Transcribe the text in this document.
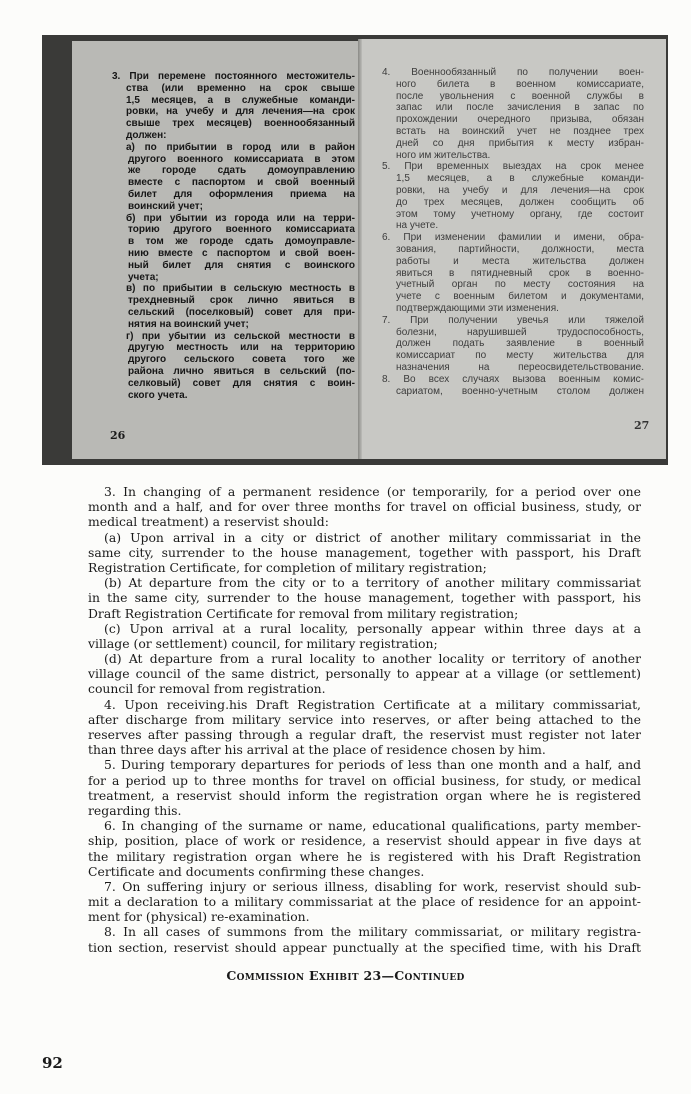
3. При перемене постоянного местожитель-
ства (или временно на срок свыше
1,5 месяцев, а в служебные команди-
ровки, на учебу и для лечения—на срок
свыше трех месяцев) военнообязанный
должен:
а) по прибытии в город или в район
другого военного комиссариата в этом
же городе сдать домоуправлению
вместе с паспортом и свой военный
билет для оформления приема на
воинский учет;
б) при убытии из города или на терри-
торию другого военного комиссариата
в том же городе сдать домоуправле-
нию вместе с паспортом и свой воен-
ный билет для снятия с воинского
учета;
в) по прибытии в сельскую местность в
трехдневный срок лично явиться в
сельский (поселковый) совет для при-
нятия на воинский учет;
г) при убытии из сельской местности в
другую местность или на территорию
другого сельского совета того же
района лично явиться в сельский (по-
селковый) совет для снятия с воин-
ского учета.
26
4. Военнообязанный по получении воен-
ного билета в военном комиссариате,
после увольнения с военной службы в
запас или после зачисления в запас по
прохождении очередного призыва, обязан
встать на воинский учет не позднее трех
дней со дня прибытия к месту избран-
ного им жительства.
5. При временных выездах на срок менее
1,5 месяцев, а в служебные команди-
ровки, на учебу и для лечения—на срок
до трех месяцев, должен сообщить об
этом тому учетному органу, где состоит
на учете.
6. При изменении фамилии и имени, обра-
зования, партийности, должности, места
работы и места жительства должен
явиться в пятидневный срок в военно-
учетный орган по месту состояния на
учете с военным билетом и документами,
подтверждающими эти изменения.
7. При получении увечья или тяжелой
болезни, нарушившей трудоспособность,
должен подать заявление в военный
комиссариат по месту жительства для
назначения на переосвидетельствование.
8. Во всех случаях вызова военным комис-
сариатом, военно-учетным столом должен
27
3. In changing of a permanent residence (or temporarily, for a period over one
month and a half, and for over three months for travel on official business, study, or
medical treatment) a reservist should:
(a) Upon arrival in a city or district of another military commissariat in the
same city, surrender to the house management, together with passport, his Draft
Registration Certificate, for completion of military registration;
(b) At departure from the city or to a territory of another military commissariat
in the same city, surrender to the house management, together with passport, his
Draft Registration Certificate for removal from military registration;
(c) Upon arrival at a rural locality, personally appear within three days at a
village (or settlement) council, for military registration;
(d) At departure from a rural locality to another locality or territory of another
village council of the same district, personally to appear at a village (or settlement)
council for removal from registration.
4. Upon receiving.his Draft Registration Certificate at a military commissariat,
after discharge from military service into reserves, or after being attached to the
reserves after passing through a regular draft, the reservist must register not later
than three days after his arrival at the place of residence chosen by him.
5. During temporary departures for periods of less than one month and a half, and
for a period up to three months for travel on official business, for study, or medical
treatment, a reservist should inform the registration organ where he is registered
regarding this.
6. In changing of the surname or name, educational qualifications, party member-
ship, position, place of work or residence, a reservist should appear in five days at
the military registration organ where he is registered with his Draft Registration
Certificate and documents confirming these changes.
7. On suffering injury or serious illness, disabling for work, reservist should sub-
mit a declaration to a military commissariat at the place of residence for an appoint-
ment for (physical) re-examination.
8. In all cases of summons from the military commissariat, or military registra-
tion section, reservist should appear punctually at the specified time, with his Draft
Commission Exhibit 23—Continued
92
